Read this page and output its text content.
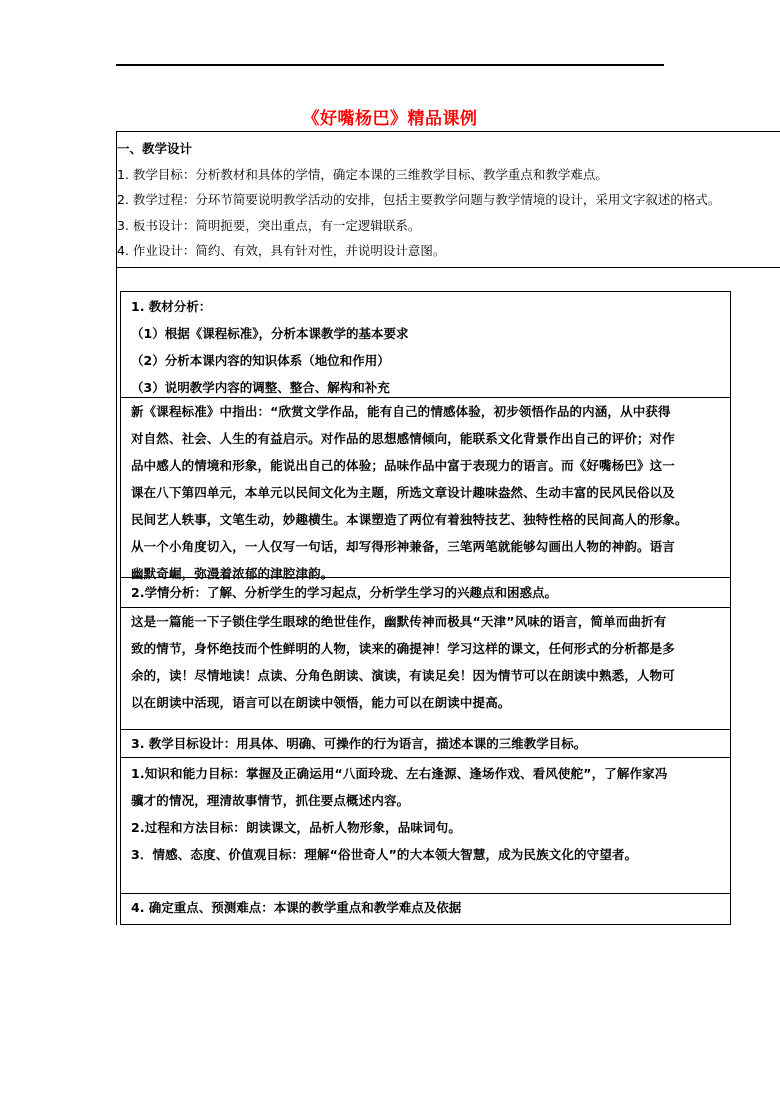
《好嘴杨巴》精品课例
一、教学设计
1. 教学目标：分析教材和具体的学情，确定本课的三维教学目标、教学重点和教学难点。
2. 教学过程：分环节简要说明教学活动的安排，包括主要教学问题与教学情境的设计，采用文字叙述的格式。
3. 板书设计：简明扼要，突出重点，有一定逻辑联系。
4. 作业设计：简约、有效，具有针对性，并说明设计意图。
1. 教材分析：
（1）根据《课程标准》，分析本课教学的基本要求
（2）分析本课内容的知识体系（地位和作用）
（3）说明教学内容的调整、整合、解构和补充

新《课程标准》中指出：“欣赏文学作品，能有自己的情感体验，初步领悟作品的内涵，从中获得
对自然、社会、人生的有益启示。对作品的思想感情倾向，能联系文化背景作出自己的评价；对作
品中感人的情境和形象，能说出自己的体验；品味作品中富于表现力的语言。而《好嘴杨巴》这一
课在八下第四单元，本单元以民间文化为主题，所选文章设计趣味盎然、生动丰富的民风民俗以及
民间艺人轶事，文笔生动，妙趣横生。本课塑造了两位有着独特技艺、独特性格的民间高人的形象。
从一个小角度切入，一人仅写一句话，却写得形神兼备，三笔两笔就能够勾画出人物的神韵。语言
幽默奇崛，弥漫着浓郁的津腔津韵。

2.学情分析：了解、分析学生的学习起点，分析学生学习的兴趣点和困惑点。

这是一篇能一下子锁住学生眼球的绝世佳作，幽默传神而极具“天津”风味的语言，简单而曲折有
致的情节，身怀绝技而个性鲜明的人物，读来的确提神！学习这样的课文，任何形式的分析都是多
余的，读！尽情地读！点读、分角色朗读、演读，有读足矣！因为情节可以在朗读中熟悉，人物可
以在朗读中活现，语言可以在朗读中领悟，能力可以在朗读中提高。

3. 教学目标设计：用具体、明确、可操作的行为语言，描述本课的三维教学目标。

1.知识和能力目标：掌握及正确运用“八面玲珑、左右逢源、逢场作戏、看风使舵”，了解作家冯
骥才的情况，理清故事情节，抓住要点概述内容。
2.过程和方法目标：朗读课文，品析人物形象，品味词句。
3．情感、态度、价值观目标：理解“俗世奇人”的大本领大智慧，成为民族文化的守望者。

4. 确定重点、预测难点：本课的教学重点和教学难点及依据
